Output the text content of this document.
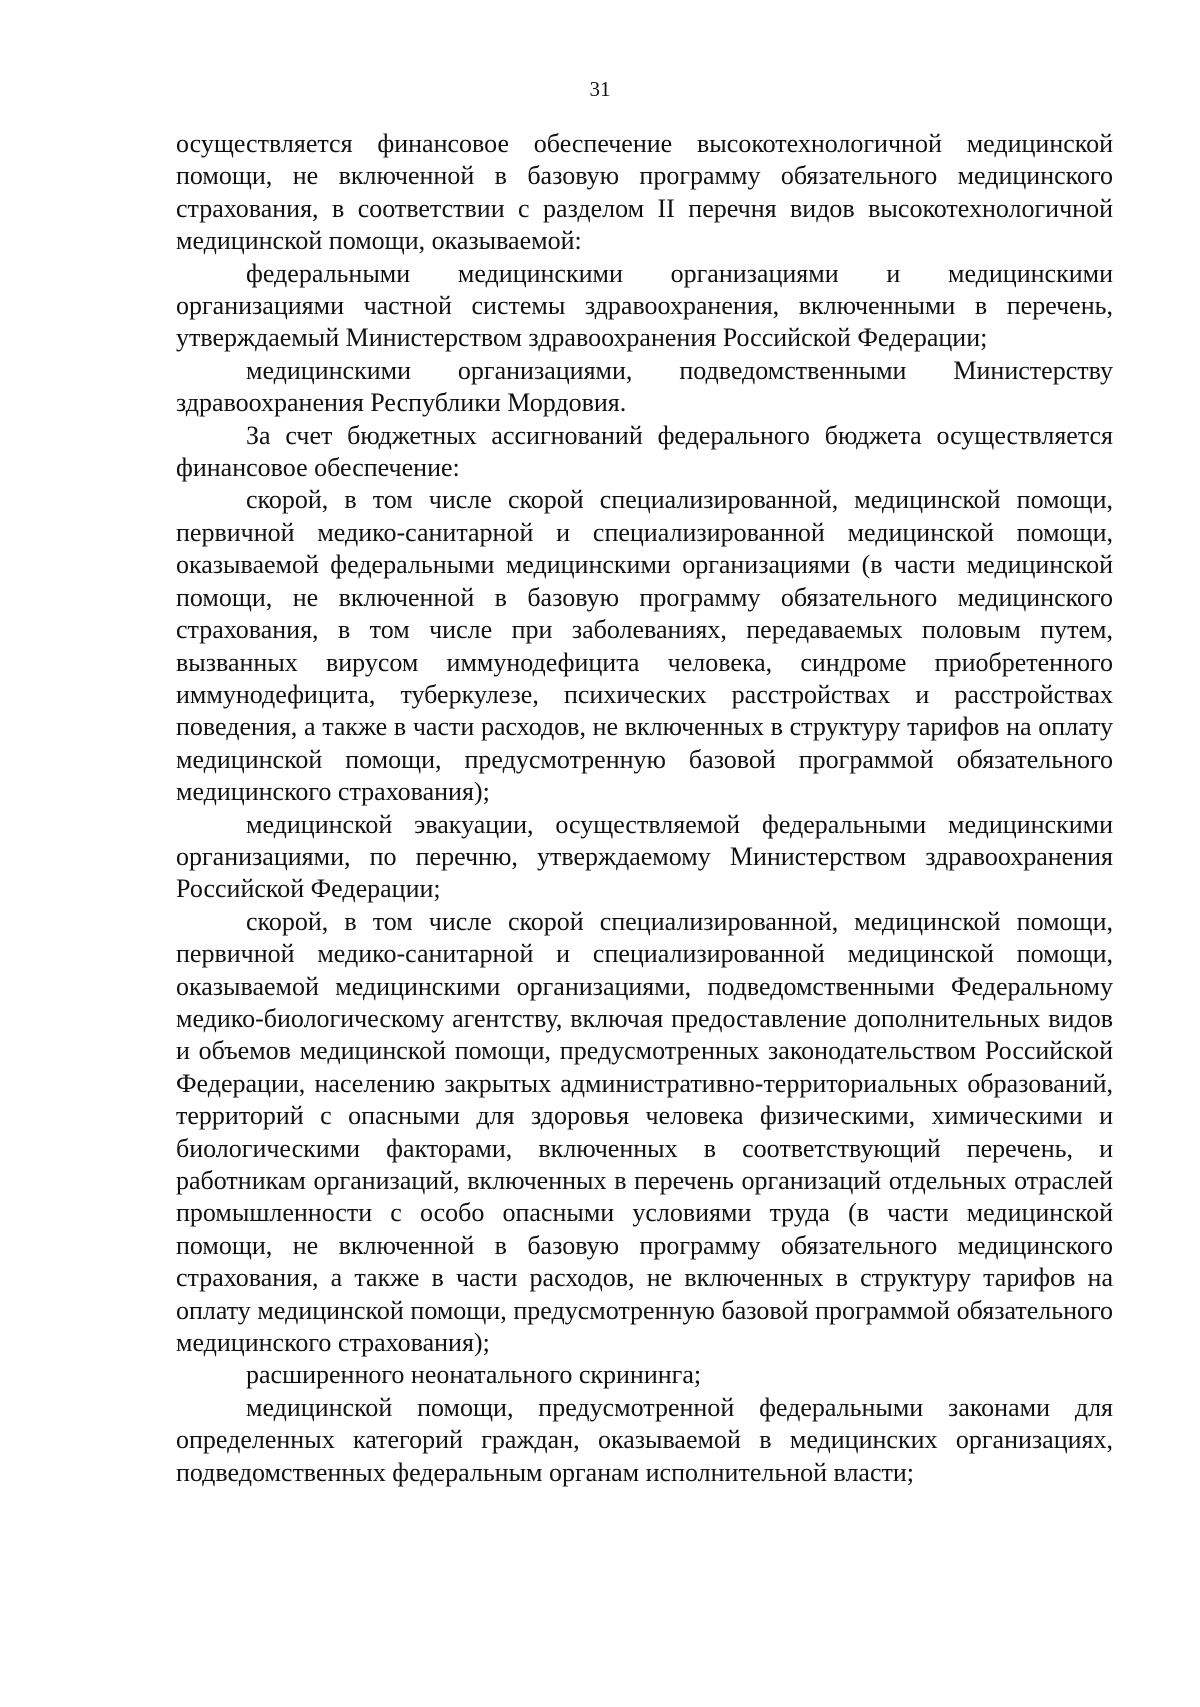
31

осуществляется финансовое обеспечение высокотехнологичной медицинской помощи, не включенной в базовую программу обязательного медицинского страхования, в соответствии с разделом II перечня видов высокотехнологичной медицинской помощи, оказываемой:

федеральными медицинскими организациями и медицинскими организациями частной системы здравоохранения, включенными в перечень, утверждаемый Министерством здравоохранения Российской Федерации;

медицинскими организациями, подведомственными Министерству здравоохранения Республики Мордовия.

За счет бюджетных ассигнований федерального бюджета осуществляется финансовое обеспечение:

скорой, в том числе скорой специализированной, медицинской помощи, первичной медико-санитарной и специализированной медицинской помощи, оказываемой федеральными медицинскими организациями (в части медицинской помощи, не включенной в базовую программу обязательного медицинского страхования, в том числе при заболеваниях, передаваемых половым путем, вызванных вирусом иммунодефицита человека, синдроме приобретенного иммунодефицита, туберкулезе, психических расстройствах и расстройствах поведения, а также в части расходов, не включенных в структуру тарифов на оплату медицинской помощи, предусмотренную базовой программой обязательного медицинского страхования);

медицинской эвакуации, осуществляемой федеральными медицинскими организациями, по перечню, утверждаемому Министерством здравоохранения Российской Федерации;

скорой, в том числе скорой специализированной, медицинской помощи, первичной медико-санитарной и специализированной медицинской помощи, оказываемой медицинскими организациями, подведомственными Федеральному медико-биологическому агентству, включая предоставление дополнительных видов и объемов медицинской помощи, предусмотренных законодательством Российской Федерации, населению закрытых административно-территориальных образований, территорий с опасными для здоровья человека физическими, химическими и биологическими факторами, включенных в соответствующий перечень, и работникам организаций, включенных в перечень организаций отдельных отраслей промышленности с особо опасными условиями труда (в части медицинской помощи, не включенной в базовую программу обязательного медицинского страхования, а также в части расходов, не включенных в структуру тарифов на оплату медицинской помощи, предусмотренную базовой программой обязательного медицинского страхования);

расширенного неонатального скрининга;

медицинской помощи, предусмотренной федеральными законами для определенных категорий граждан, оказываемой в медицинских организациях, подведомственных федеральным органам исполнительной власти;
